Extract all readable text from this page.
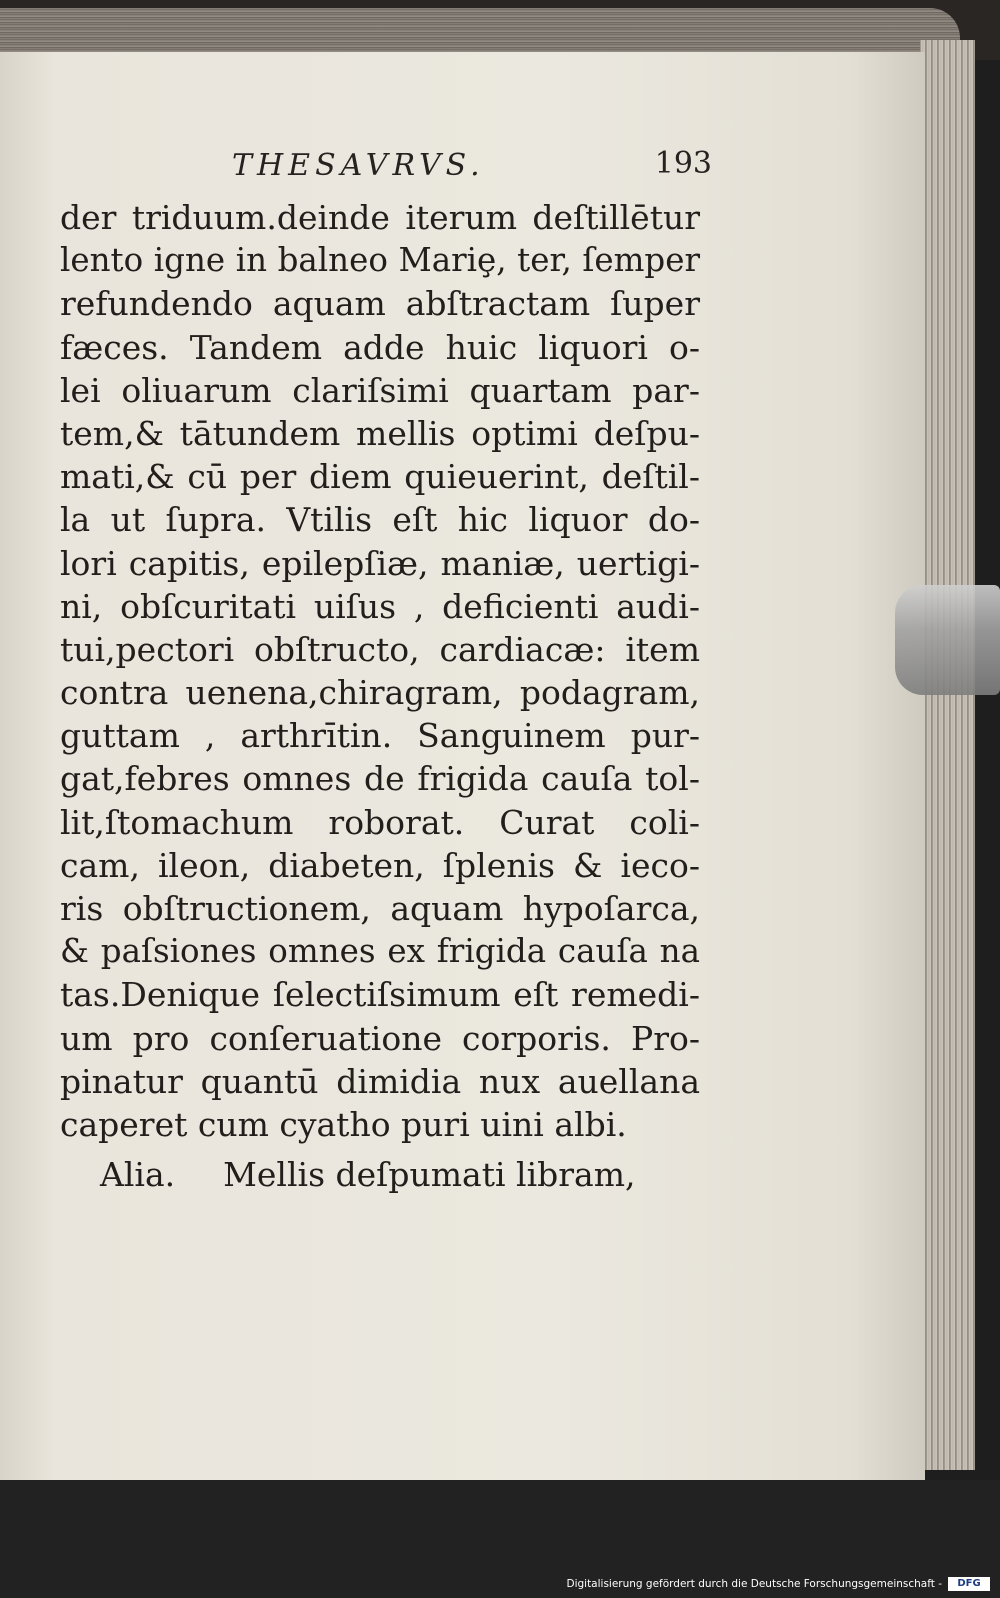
THESAVRVS.	193
der triduum.deinde iterum deſtillētur
lento igne in balneo Mariȩ, ter, ſemper
refundendo aquam abſtractam ſuper
fæces. Tandem adde huic liquori o-
lei oliuarum clariſsimi quartam par-
tem,& tātundem mellis optimi deſpu-
mati,& cū per diem quieuerint, deſtil-
la ut ſupra. Vtilis eſt hic liquor do-
lori capitis, epilepſiæ, maniæ, uertigi-
ni, obſcuritati uiſus , deficienti audi-
tui,pectori obſtructo, cardiacæ: item
contra uenena,chiragram, podagram,
guttam , arthrītin. Sanguinem pur-
gat,febres omnes de frigida cauſa tol-
lit,ſtomachum roborat. Curat coli-
cam, ileon, diabeten, ſplenis & ieco-
ris obſtructionem, aquam hypoſarca,
& paſsiones omnes ex frigida cauſa na
tas.Denique ſelectiſsimum eſt remedi-
um pro conſeruatione corporis. Pro-
pinatur quantū dimidia nux auellana
caperet cum cyatho puri uini albi.
Alia. Mellis deſpumati libram,
Digitalisierung gefördert durch die Deutsche Forschungsgemeinschaft -	DFG
